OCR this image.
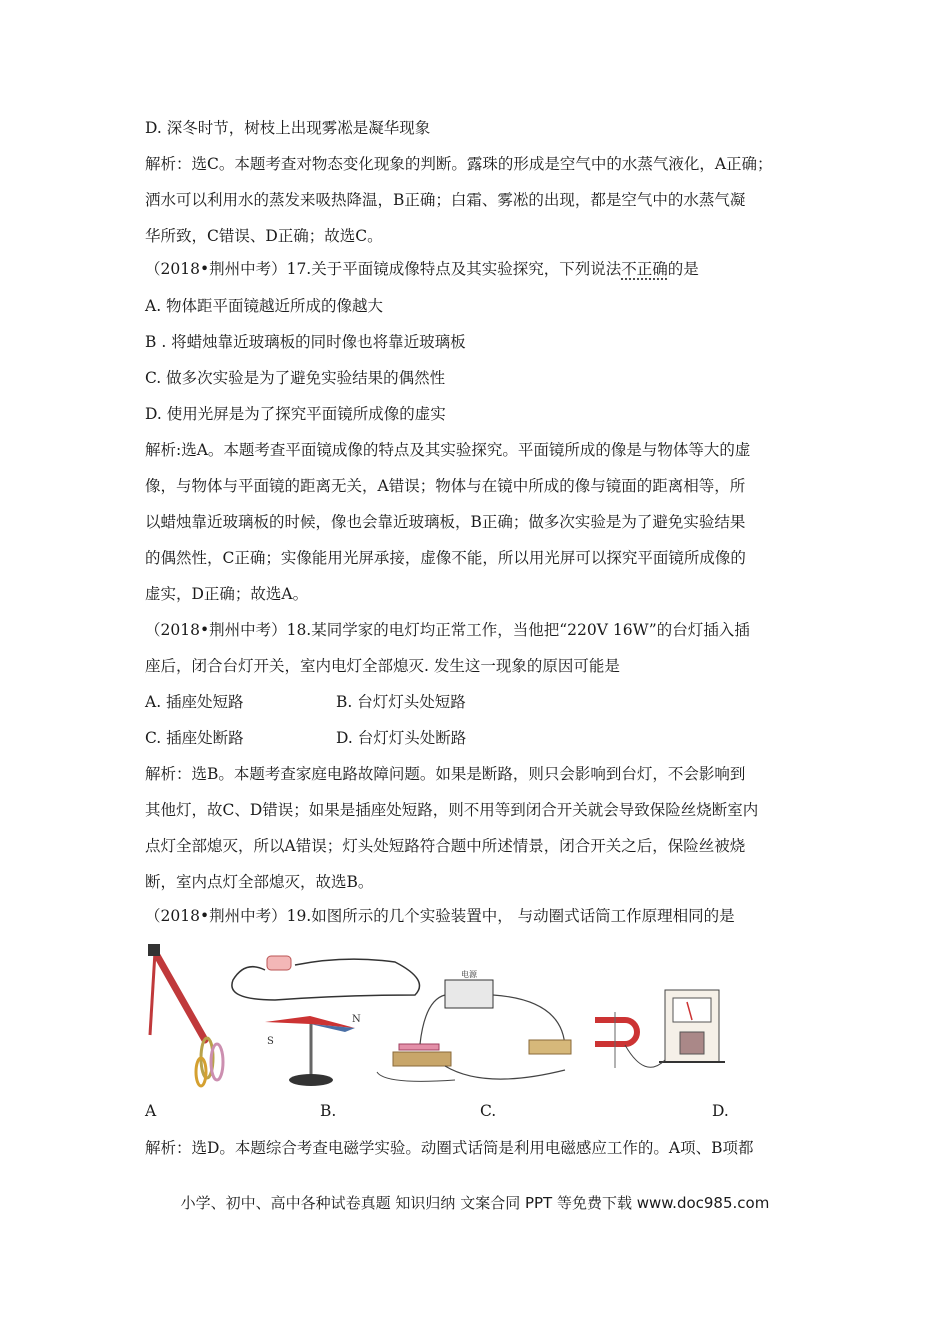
D. 深冬时节，树枝上出现雾凇是凝华现象
解析：选C。本题考查对物态变化现象的判断。露珠的形成是空气中的水蒸气液化，A正确；
洒水可以利用水的蒸发来吸热降温，B正确；白霜、雾凇的出现，都是空气中的水蒸气凝
华所致，C错误、D正确；故选C。
（2018•荆州中考）17.关于平面镜成像特点及其实验探究，下列说法不正确的是
A. 物体距平面镜越近所成的像越大
B . 将蜡烛靠近玻璃板的同时像也将靠近玻璃板
C. 做多次实验是为了避免实验结果的偶然性
D. 使用光屏是为了探究平面镜所成像的虚实
解析:选A。本题考查平面镜成像的特点及其实验探究。平面镜所成的像是与物体等大的虚
像，与物体与平面镜的距离无关，A错误；物体与在镜中所成的像与镜面的距离相等，所
以蜡烛靠近玻璃板的时候，像也会靠近玻璃板，B正确；做多次实验是为了避免实验结果
的偶然性，C正确；实像能用光屏承接，虚像不能，所以用光屏可以探究平面镜所成像的
虚实，D正确；故选A。
（2018•荆州中考）18.某同学家的电灯均正常工作，当他把“220V 16W”的台灯插入插
座后，闭合台灯开关，室内电灯全部熄灭. 发生这一现象的原因可能是
A. 插座处短路	B. 台灯灯头处短路
C. 插座处断路	D. 台灯灯头处断路
解析：选B。本题考查家庭电路故障问题。如果是断路，则只会影响到台灯，不会影响到
其他灯，故C、D错误；如果是插座处短路，则不用等到闭合开关就会导致保险丝烧断室内
点灯全部熄灭，所以A错误；灯头处短路符合题中所述情景，闭合开关之后，保险丝被烧
断，室内点灯全部熄灭，故选B。
（2018•荆州中考）19.如图所示的几个实验装置中， 与动圈式话筒工作原理相同的是
S
N
电源
A	B.	C.	D.
解析：选D。本题综合考查电磁学实验。动圈式话筒是利用电磁感应工作的。A项、B项都
小学、初中、高中各种试卷真题 知识归纳 文案合同 PPT 等免费下载 www.doc985.com
